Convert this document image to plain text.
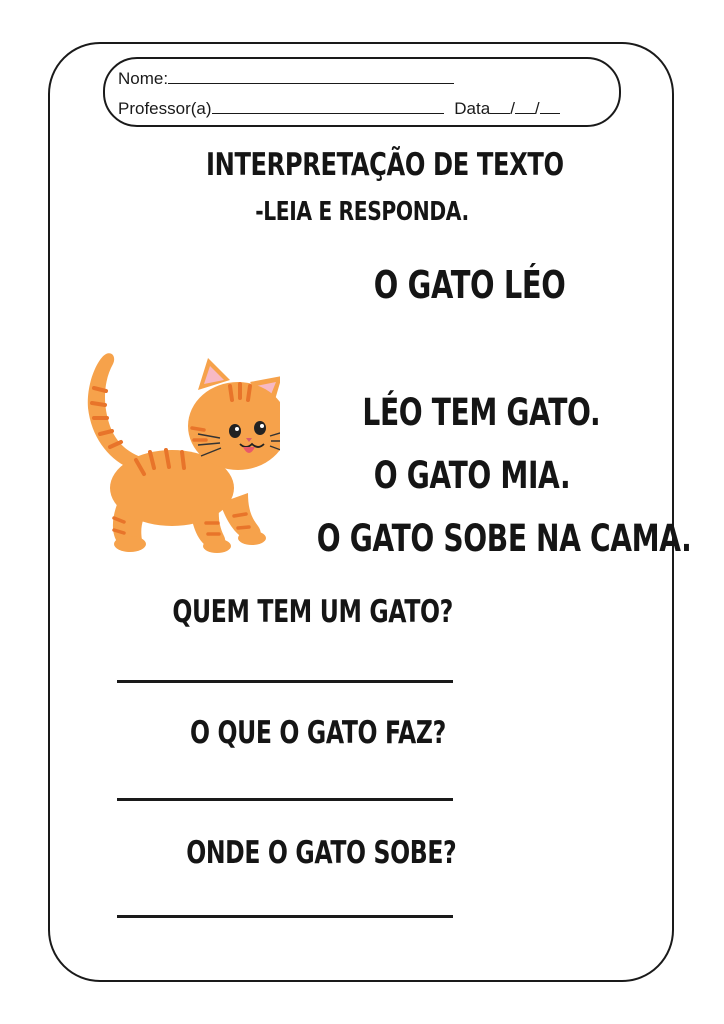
Nome:
Professor(a)	Data / /
INTERPRETAÇÃO DE TEXTO
-LEIA E RESPONDA.
O GATO LÉO
LÉO TEM GATO.
O GATO MIA.
O GATO SOBE NA CAMA.
QUEM TEM UM GATO?
O QUE O GATO FAZ?
ONDE O GATO SOBE?
